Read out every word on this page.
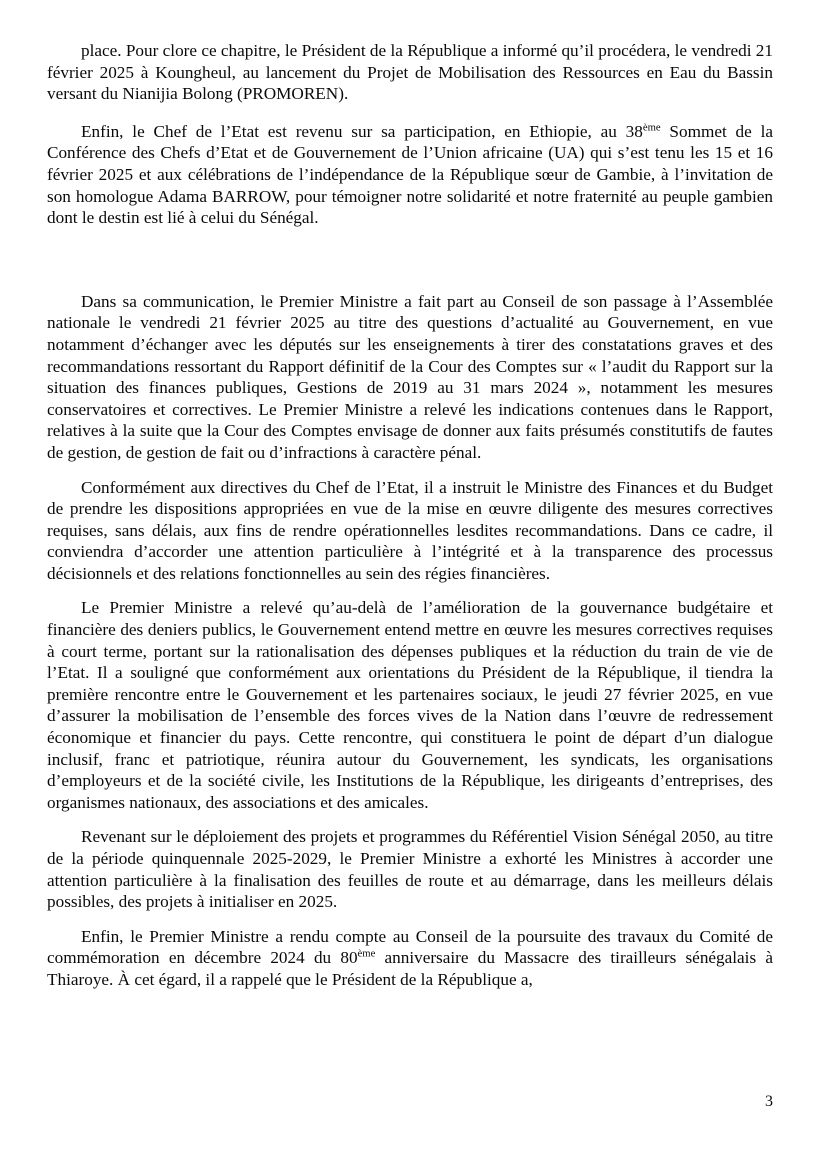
place. Pour clore ce chapitre, le Président de la République a informé qu’il procédera, le vendredi 21 février 2025 à Koungheul, au lancement du Projet de Mobilisation des Ressources en Eau du Bassin versant du Nianijia Bolong (PROMOREN).

Enfin, le Chef de l’Etat est revenu sur sa participation, en Ethiopie, au 38ème Sommet de la Conférence des Chefs d’Etat et de Gouvernement de l’Union africaine (UA) qui s’est tenu les 15 et 16 février 2025 et aux célébrations de l’indépendance de la République sœur de Gambie, à l’invitation de son homologue Adama BARROW, pour témoigner notre solidarité et notre fraternité au peuple gambien dont le destin est lié à celui du Sénégal.

Dans sa communication, le Premier Ministre a fait part au Conseil de son passage à l’Assemblée nationale le vendredi 21 février 2025 au titre des questions d’actualité au Gouvernement, en vue notamment d’échanger avec les députés sur les enseignements à tirer des constatations graves et des recommandations ressortant du Rapport définitif de la Cour des Comptes sur « l’audit du Rapport sur la situation des finances publiques, Gestions de 2019 au 31 mars 2024 », notamment les mesures conservatoires et correctives. Le Premier Ministre a relevé les indications contenues dans le Rapport, relatives à la suite que la Cour des Comptes envisage de donner aux faits présumés constitutifs de fautes de gestion, de gestion de fait ou d’infractions à caractère pénal.

Conformément aux directives du Chef de l’Etat, il a instruit le Ministre des Finances et du Budget de prendre les dispositions appropriées en vue de la mise en œuvre diligente des mesures correctives requises, sans délais, aux fins de rendre opérationnelles lesdites recommandations. Dans ce cadre, il conviendra d’accorder une attention particulière à l’intégrité et à la transparence des processus décisionnels et des relations fonctionnelles au sein des régies financières.

Le Premier Ministre a relevé qu’au-delà de l’amélioration de la gouvernance budgétaire et financière des deniers publics, le Gouvernement entend mettre en œuvre les mesures correctives requises à court terme, portant sur la rationalisation des dépenses publiques et la réduction du train de vie de l’Etat. Il a souligné que conformément aux orientations du Président de la République, il tiendra la première rencontre entre le Gouvernement et les partenaires sociaux, le jeudi 27 février 2025, en vue d’assurer la mobilisation de l’ensemble des forces vives de la Nation dans l’œuvre de redressement économique et financier du pays. Cette rencontre, qui constituera le point de départ d’un dialogue inclusif, franc et patriotique, réunira autour du Gouvernement, les syndicats, les organisations d’employeurs et de la société civile, les Institutions de la République, les dirigeants d’entreprises, des organismes nationaux, des associations et des amicales.

Revenant sur le déploiement des projets et programmes du Référentiel Vision Sénégal 2050, au titre de la période quinquennale 2025-2029, le Premier Ministre a exhorté les Ministres à accorder une attention particulière à la finalisation des feuilles de route et au démarrage, dans les meilleurs délais possibles, des projets à initialiser en 2025.

Enfin, le Premier Ministre a rendu compte au Conseil de la poursuite des travaux du Comité de commémoration en décembre 2024 du 80ème anniversaire du Massacre des tirailleurs sénégalais à Thiaroye. À cet égard, il a rappelé que le Président de la République a,

3
